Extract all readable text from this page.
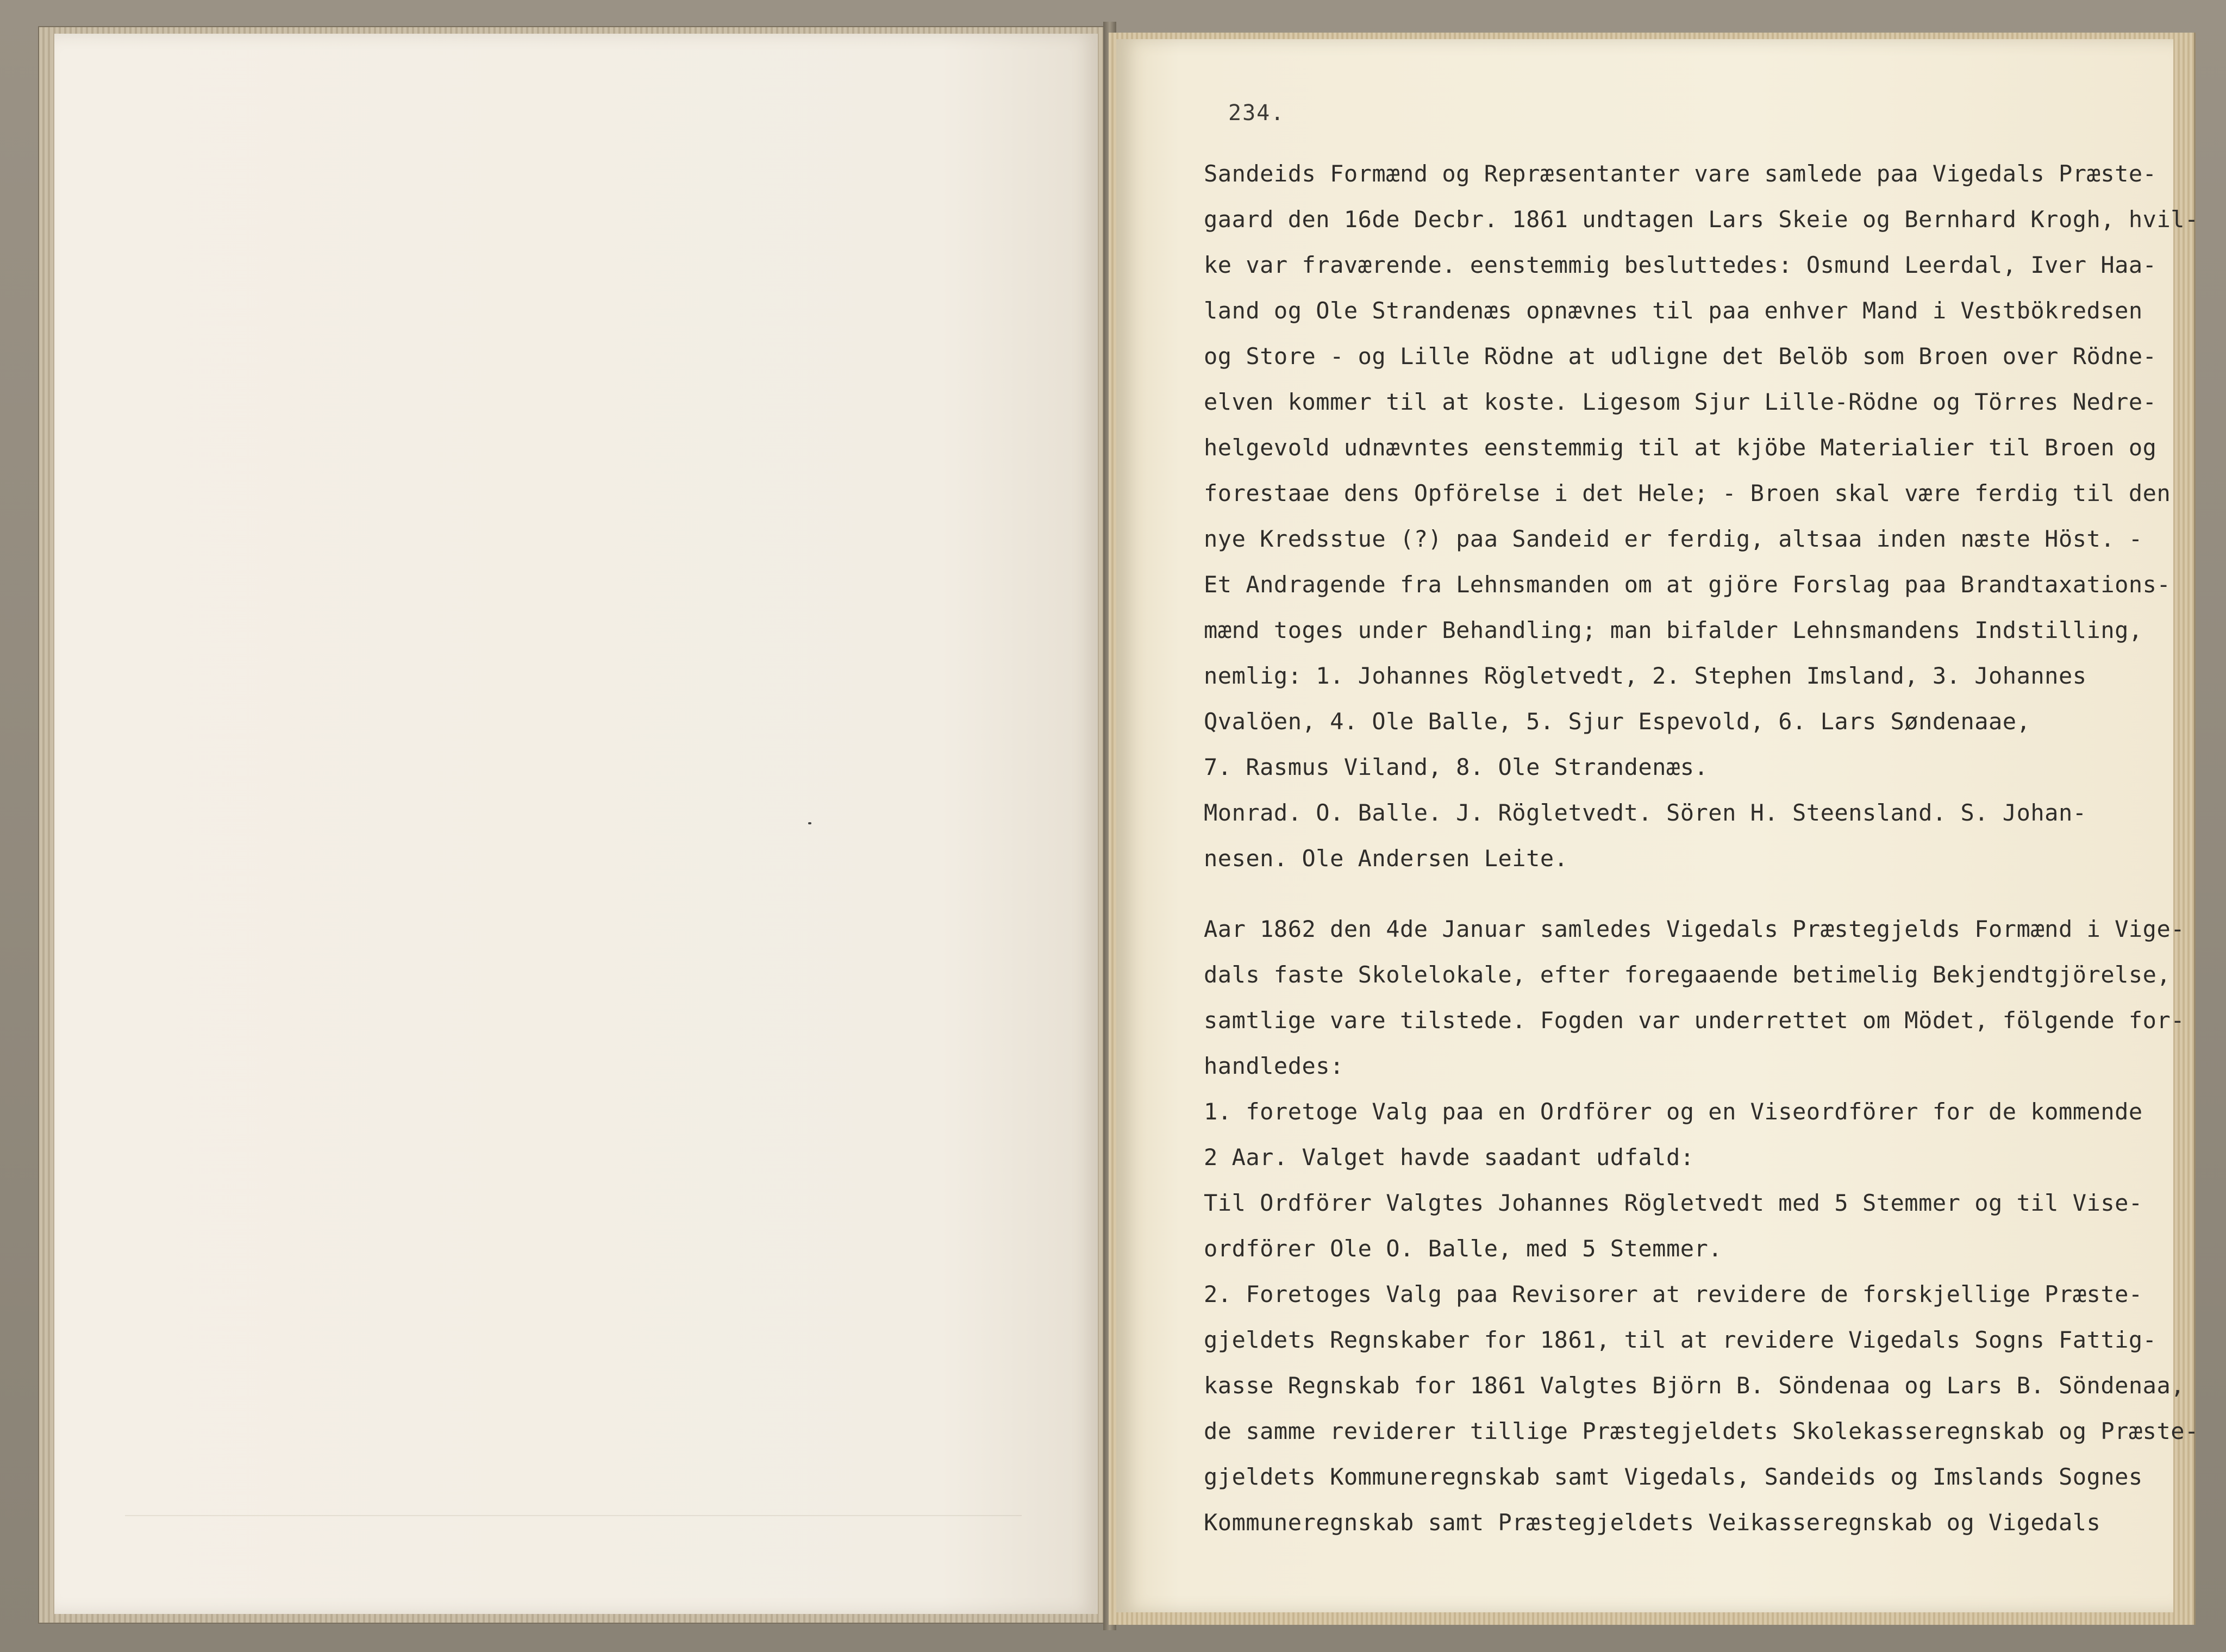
234.
Sandeids Formænd og Repræsentanter vare samlede paa Vigedals Præste-
gaard den 16de Decbr. 1861 undtagen Lars Skeie og Bernhard Krogh, hvil-
ke var fraværende. eenstemmig besluttedes: Osmund Leerdal, Iver Haa-
land og Ole Strandenæs opnævnes til paa enhver Mand i Vestbökredsen
og Store - og Lille Rödne at udligne det Belöb som Broen over Rödne-
elven kommer til at koste. Ligesom Sjur Lille-Rödne og Törres Nedre-
helgevold udnævntes eenstemmig til at kjöbe Materialier til Broen og
forestaae dens Opförelse i det Hele; - Broen skal være ferdig til den
nye Kredsstue (?) paa Sandeid er ferdig, altsaa inden næste Höst. -
Et Andragende fra Lehnsmanden om at gjöre Forslag paa Brandtaxations-
mænd toges under Behandling; man bifalder Lehnsmandens Indstilling,
nemlig: 1. Johannes Rögletvedt, 2. Stephen Imsland, 3. Johannes
Qvalöen, 4. Ole Balle, 5. Sjur Espevold, 6. Lars Søndenaae,
7. Rasmus Viland, 8. Ole Strandenæs.
Monrad. O. Balle. J. Rögletvedt. Sören H. Steensland. S. Johan-
nesen. Ole Andersen Leite.
Aar 1862 den 4de Januar samledes Vigedals Præstegjelds Formænd i Vige-
dals faste Skolelokale, efter foregaaende betimelig Bekjendtgjörelse,
samtlige vare tilstede. Fogden var underrettet om Mödet, fölgende for-
handledes:
1. foretoge Valg paa en Ordförer og en Viseordförer for de kommende
2 Aar. Valget havde saadant udfald:
Til Ordförer Valgtes Johannes Rögletvedt med 5 Stemmer og til Vise-
ordförer Ole O. Balle, med 5 Stemmer.
2. Foretoges Valg paa Revisorer at revidere de forskjellige Præste-
gjeldets Regnskaber for 1861, til at revidere Vigedals Sogns Fattig-
kasse Regnskab for 1861 Valgtes Björn B. Söndenaa og Lars B. Söndenaa,
de samme reviderer tillige Præstegjeldets Skolekasseregnskab og Præste-
gjeldets Kommuneregnskab samt Vigedals, Sandeids og Imslands Sognes
Kommuneregnskab samt Præstegjeldets Veikasseregnskab og Vigedals
